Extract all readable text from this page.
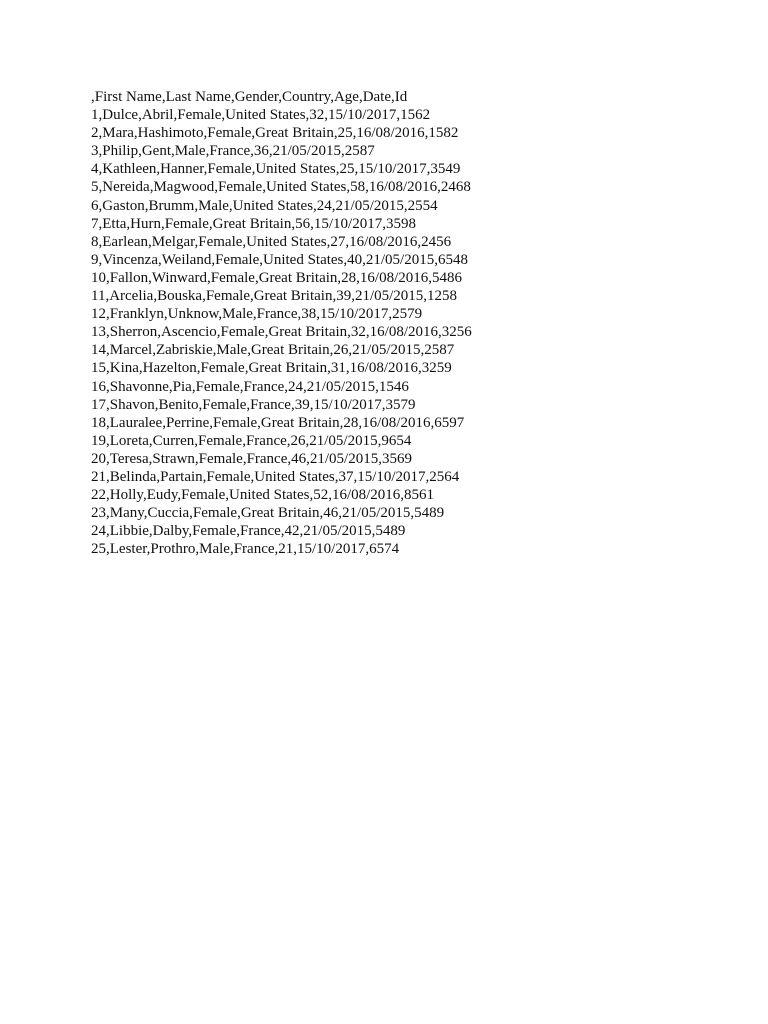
,First Name,Last Name,Gender,Country,Age,Date,Id
1,Dulce,Abril,Female,United States,32,15/10/2017,1562
2,Mara,Hashimoto,Female,Great Britain,25,16/08/2016,1582
3,Philip,Gent,Male,France,36,21/05/2015,2587
4,Kathleen,Hanner,Female,United States,25,15/10/2017,3549
5,Nereida,Magwood,Female,United States,58,16/08/2016,2468
6,Gaston,Brumm,Male,United States,24,21/05/2015,2554
7,Etta,Hurn,Female,Great Britain,56,15/10/2017,3598
8,Earlean,Melgar,Female,United States,27,16/08/2016,2456
9,Vincenza,Weiland,Female,United States,40,21/05/2015,6548
10,Fallon,Winward,Female,Great Britain,28,16/08/2016,5486
11,Arcelia,Bouska,Female,Great Britain,39,21/05/2015,1258
12,Franklyn,Unknow,Male,France,38,15/10/2017,2579
13,Sherron,Ascencio,Female,Great Britain,32,16/08/2016,3256
14,Marcel,Zabriskie,Male,Great Britain,26,21/05/2015,2587
15,Kina,Hazelton,Female,Great Britain,31,16/08/2016,3259
16,Shavonne,Pia,Female,France,24,21/05/2015,1546
17,Shavon,Benito,Female,France,39,15/10/2017,3579
18,Lauralee,Perrine,Female,Great Britain,28,16/08/2016,6597
19,Loreta,Curren,Female,France,26,21/05/2015,9654
20,Teresa,Strawn,Female,France,46,21/05/2015,3569
21,Belinda,Partain,Female,United States,37,15/10/2017,2564
22,Holly,Eudy,Female,United States,52,16/08/2016,8561
23,Many,Cuccia,Female,Great Britain,46,21/05/2015,5489
24,Libbie,Dalby,Female,France,42,21/05/2015,5489
25,Lester,Prothro,Male,France,21,15/10/2017,6574
